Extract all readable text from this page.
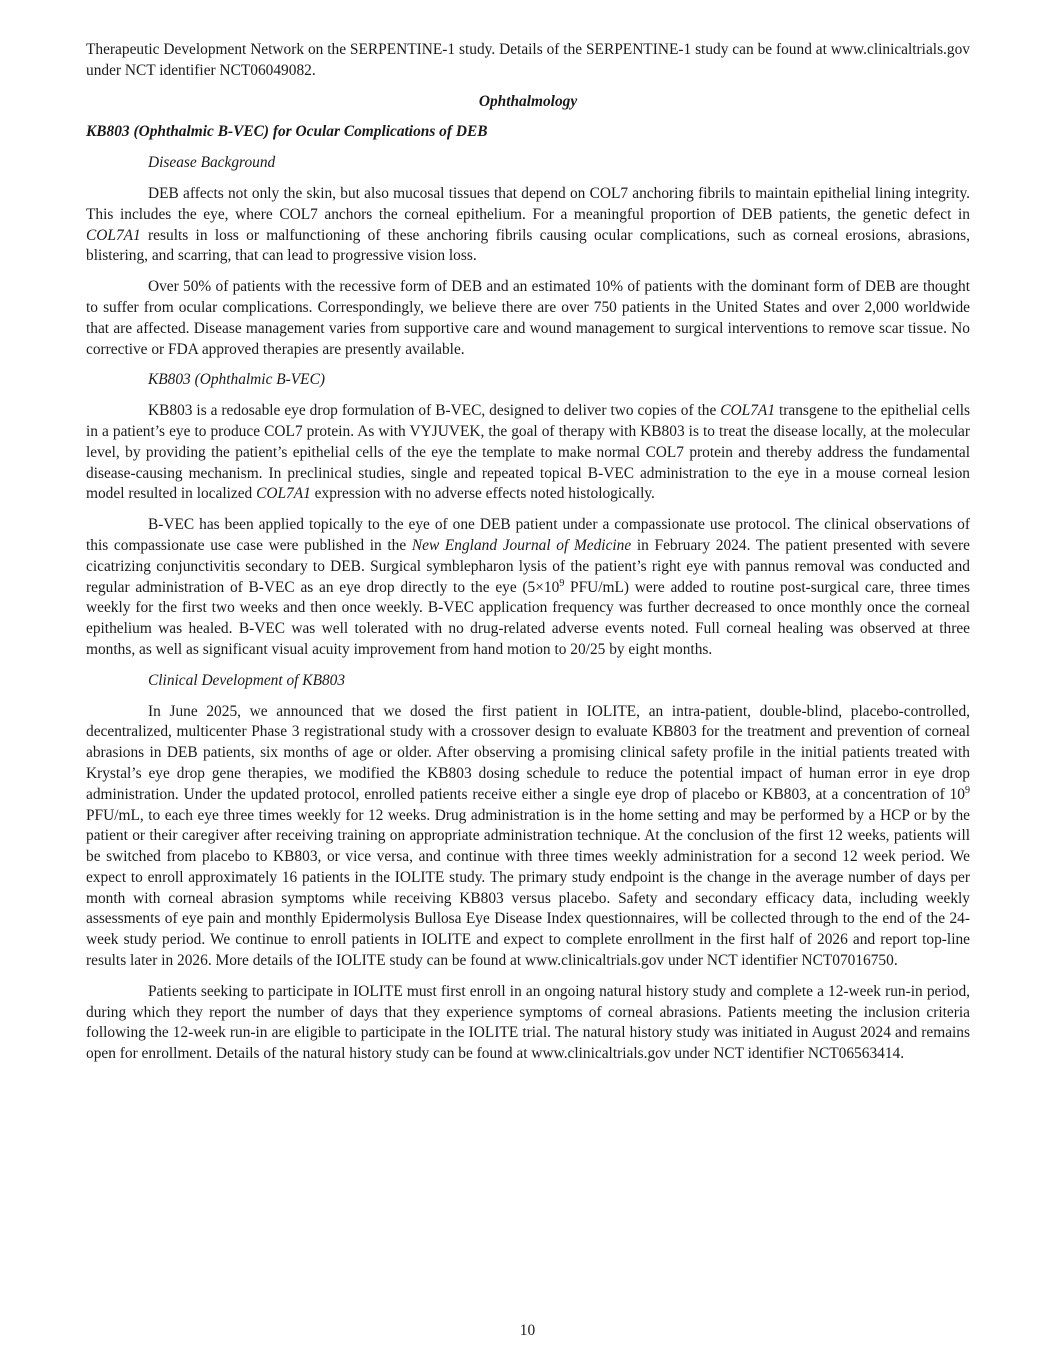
Therapeutic Development Network on the SERPENTINE-1 study. Details of the SERPENTINE-1 study can be found at www.clinicaltrials.gov under NCT identifier NCT06049082.

Ophthalmology
KB803 (Ophthalmic B-VEC) for Ocular Complications of DEB
Disease Background

DEB affects not only the skin, but also mucosal tissues that depend on COL7 anchoring fibrils to maintain epithelial lining integrity. This includes the eye, where COL7 anchors the corneal epithelium. For a meaningful proportion of DEB patients, the genetic defect in COL7A1 results in loss or malfunctioning of these anchoring fibrils causing ocular complications, such as corneal erosions, abrasions, blistering, and scarring, that can lead to progressive vision loss.

Over 50% of patients with the recessive form of DEB and an estimated 10% of patients with the dominant form of DEB are thought to suffer from ocular complications. Correspondingly, we believe there are over 750 patients in the United States and over 2,000 worldwide that are affected. Disease management varies from supportive care and wound management to surgical interventions to remove scar tissue. No corrective or FDA approved therapies are presently available.

KB803 (Ophthalmic B-VEC)

KB803 is a redosable eye drop formulation of B-VEC, designed to deliver two copies of the COL7A1 transgene to the epithelial cells in a patient’s eye to produce COL7 protein. As with VYJUVEK, the goal of therapy with KB803 is to treat the disease locally, at the molecular level, by providing the patient’s epithelial cells of the eye the template to make normal COL7 protein and thereby address the fundamental disease-causing mechanism. In preclinical studies, single and repeated topical B-VEC administration to the eye in a mouse corneal lesion model resulted in localized COL7A1 expression with no adverse effects noted histologically.

B-VEC has been applied topically to the eye of one DEB patient under a compassionate use protocol. The clinical observations of this compassionate use case were published in the New England Journal of Medicine in February 2024. The patient presented with severe cicatrizing conjunctivitis secondary to DEB. Surgical symblepharon lysis of the patient’s right eye with pannus removal was conducted and regular administration of B-VEC as an eye drop directly to the eye ($5\times 10^9$ PFU/mL) were added to routine post-surgical care, three times weekly for the first two weeks and then once weekly. B-VEC application frequency was further decreased to once monthly once the corneal epithelium was healed. B-VEC was well tolerated with no drug-related adverse events noted. Full corneal healing was observed at three months, as well as significant visual acuity improvement from hand motion to 20/25 by eight months.

Clinical Development of KB803

In June 2025, we announced that we dosed the first patient in IOLITE, an intra-patient, double-blind, placebo-controlled, decentralized, multicenter Phase 3 registrational study with a crossover design to evaluate KB803 for the treatment and prevention of corneal abrasions in DEB patients, six months of age or older. After observing a promising clinical safety profile in the initial patients treated with Krystal’s eye drop gene therapies, we modified the KB803 dosing schedule to reduce the potential impact of human error in eye drop administration. Under the updated protocol, enrolled patients receive either a single eye drop of placebo or KB803, at a concentration of $10^9$ PFU/mL, to each eye three times weekly for 12 weeks. Drug administration is in the home setting and may be performed by a HCP or by the patient or their caregiver after receiving training on appropriate administration technique. At the conclusion of the first 12 weeks, patients will be switched from placebo to KB803, or vice versa, and continue with three times weekly administration for a second 12 week period. We expect to enroll approximately 16 patients in the IOLITE study. The primary study endpoint is the change in the average number of days per month with corneal abrasion symptoms while receiving KB803 versus placebo. Safety and secondary efficacy data, including weekly assessments of eye pain and monthly Epidermolysis Bullosa Eye Disease Index questionnaires, will be collected through to the end of the 24-week study period. We continue to enroll patients in IOLITE and expect to complete enrollment in the first half of 2026 and report top-line results later in 2026. More details of the IOLITE study can be found at www.clinicaltrials.gov under NCT identifier NCT07016750.

Patients seeking to participate in IOLITE must first enroll in an ongoing natural history study and complete a 12-week run-in period, during which they report the number of days that they experience symptoms of corneal abrasions. Patients meeting the inclusion criteria following the 12-week run-in are eligible to participate in the IOLITE trial. The natural history study was initiated in August 2024 and remains open for enrollment. Details of the natural history study can be found at www.clinicaltrials.gov under NCT identifier NCT06563414.

10
